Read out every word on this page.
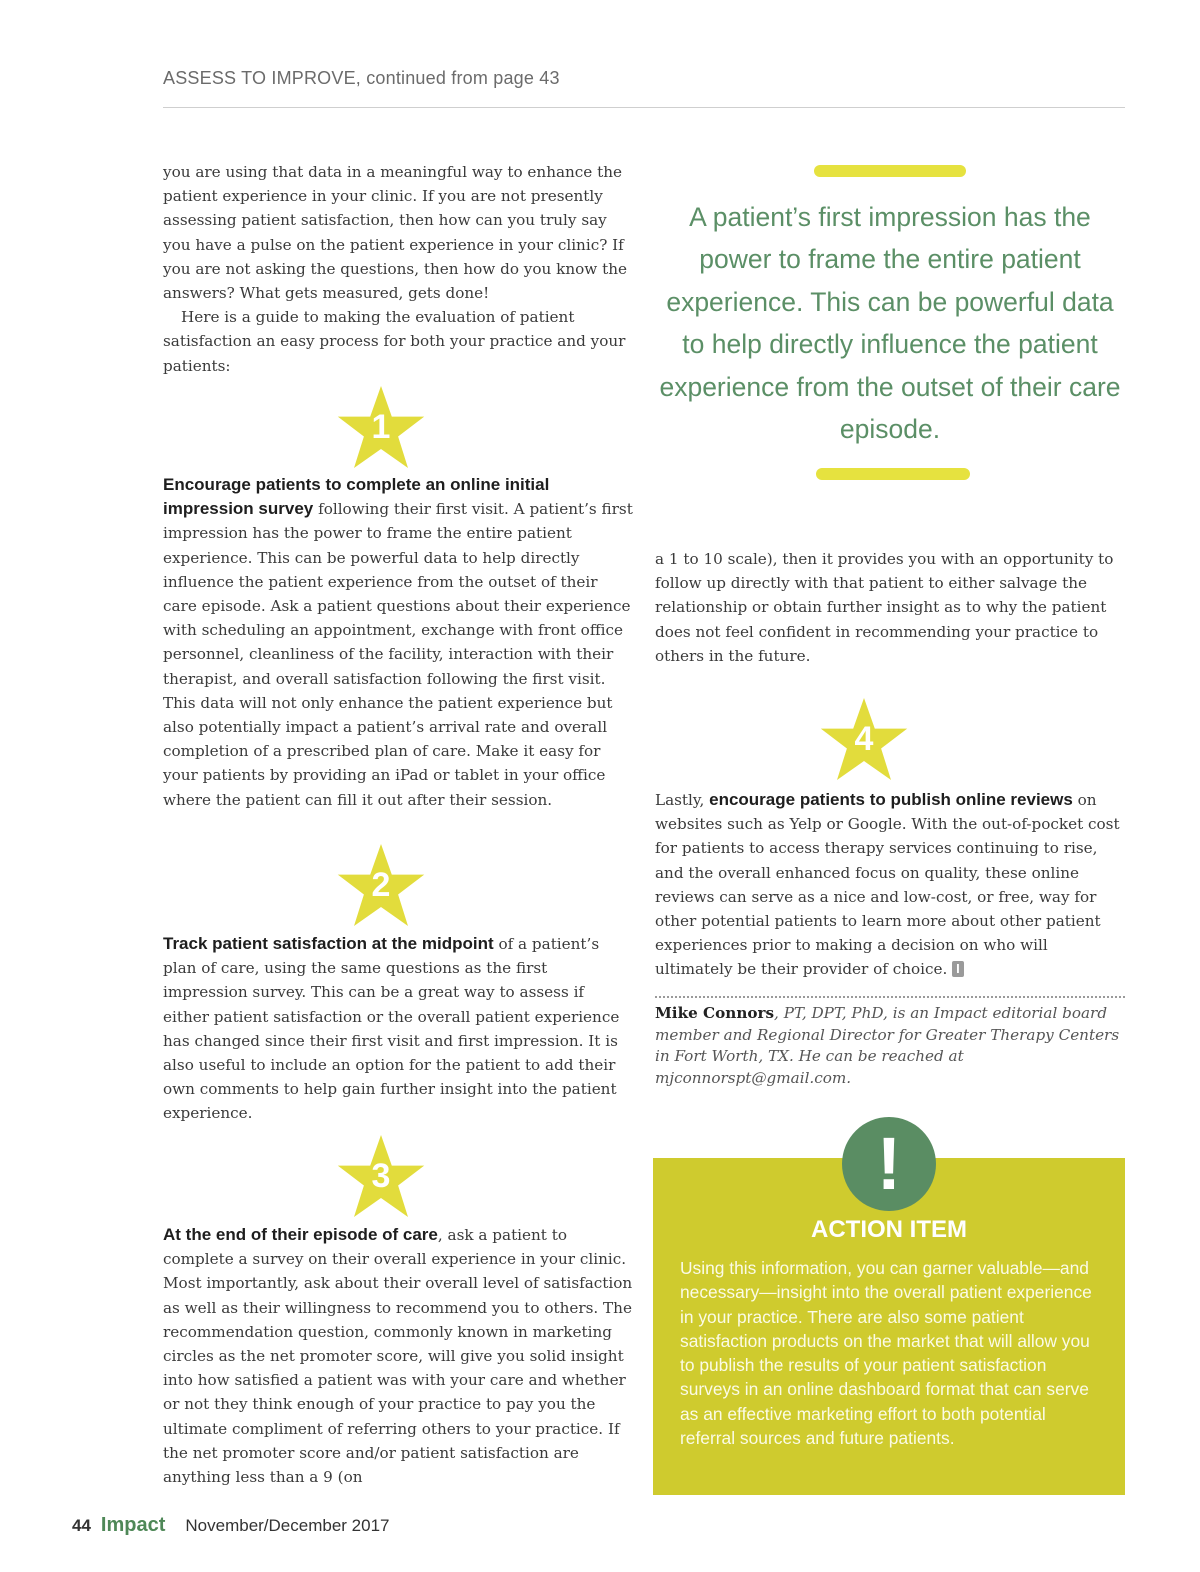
ASSESS TO IMPROVE, continued from page 43

you are using that data in a meaningful way to enhance the patient experience in your clinic. If you are not presently assessing patient satisfaction, then how can you truly say you have a pulse on the patient experience in your clinic? If you are not asking the questions, then how do you know the answers? What gets measured, gets done!

Here is a guide to making the evaluation of patient satisfaction an easy process for both your practice and your patients:

1

Encourage patients to complete an online initial impression survey following their first visit. A patient’s first impression has the power to frame the entire patient experience. This can be powerful data to help directly influence the patient experience from the outset of their care episode. Ask a patient questions about their experience with scheduling an appointment, exchange with front office personnel, cleanliness of the facility, interaction with their therapist, and overall satisfaction following the first visit. This data will not only enhance the patient experience but also potentially impact a patient’s arrival rate and overall completion of a prescribed plan of care. Make it easy for your patients by providing an iPad or tablet in your office where the patient can fill it out after their session.

2

Track patient satisfaction at the midpoint of a patient’s plan of care, using the same questions as the first impression survey. This can be a great way to assess if either patient satisfaction or the overall patient experience has changed since their first visit and first impression. It is also useful to include an option for the patient to add their own comments to help gain further insight into the patient experience.

3

At the end of their episode of care, ask a patient to complete a survey on their overall experience in your clinic. Most importantly, ask about their overall level of satisfaction as well as their willingness to recommend you to others. The recommendation question, commonly known in marketing circles as the net promoter score, will give you solid insight into how satisfied a patient was with your care and whether or not they think enough of your practice to pay you the ultimate compliment of referring others to your practice. If the net promoter score and/or patient satisfaction are anything less than a 9 (on

A patient’s first impression has the power to frame the entire patient experience. This can be powerful data to help directly influence the patient experience from the outset of their care episode.

a 1 to 10 scale), then it provides you with an opportunity to follow up directly with that patient to either salvage the relationship or obtain further insight as to why the patient does not feel confident in recommending your practice to others in the future.

4

Lastly, encourage patients to publish online reviews on websites such as Yelp or Google. With the out-of-pocket cost for patients to access therapy services continuing to rise, and the overall enhanced focus on quality, these online reviews can serve as a nice and low-cost, or free, way for other potential patients to learn more about other patient experiences prior to making a decision on who will ultimately be their provider of choice. I

Mike Connors, PT, DPT, PhD, is an Impact editorial board member and Regional Director for Greater Therapy Centers in Fort Worth, TX. He can be reached at mjconnorspt@gmail.com.
!
ACTION ITEM
Using this information, you can garner valuable—and necessary—insight into the overall patient experience in your practice. There are also some patient satisfaction products on the market that will allow you to publish the results of your patient satisfaction surveys in an online dashboard format that can serve as an effective marketing effort to both potential referral sources and future patients.
44 Impact November/December 2017
